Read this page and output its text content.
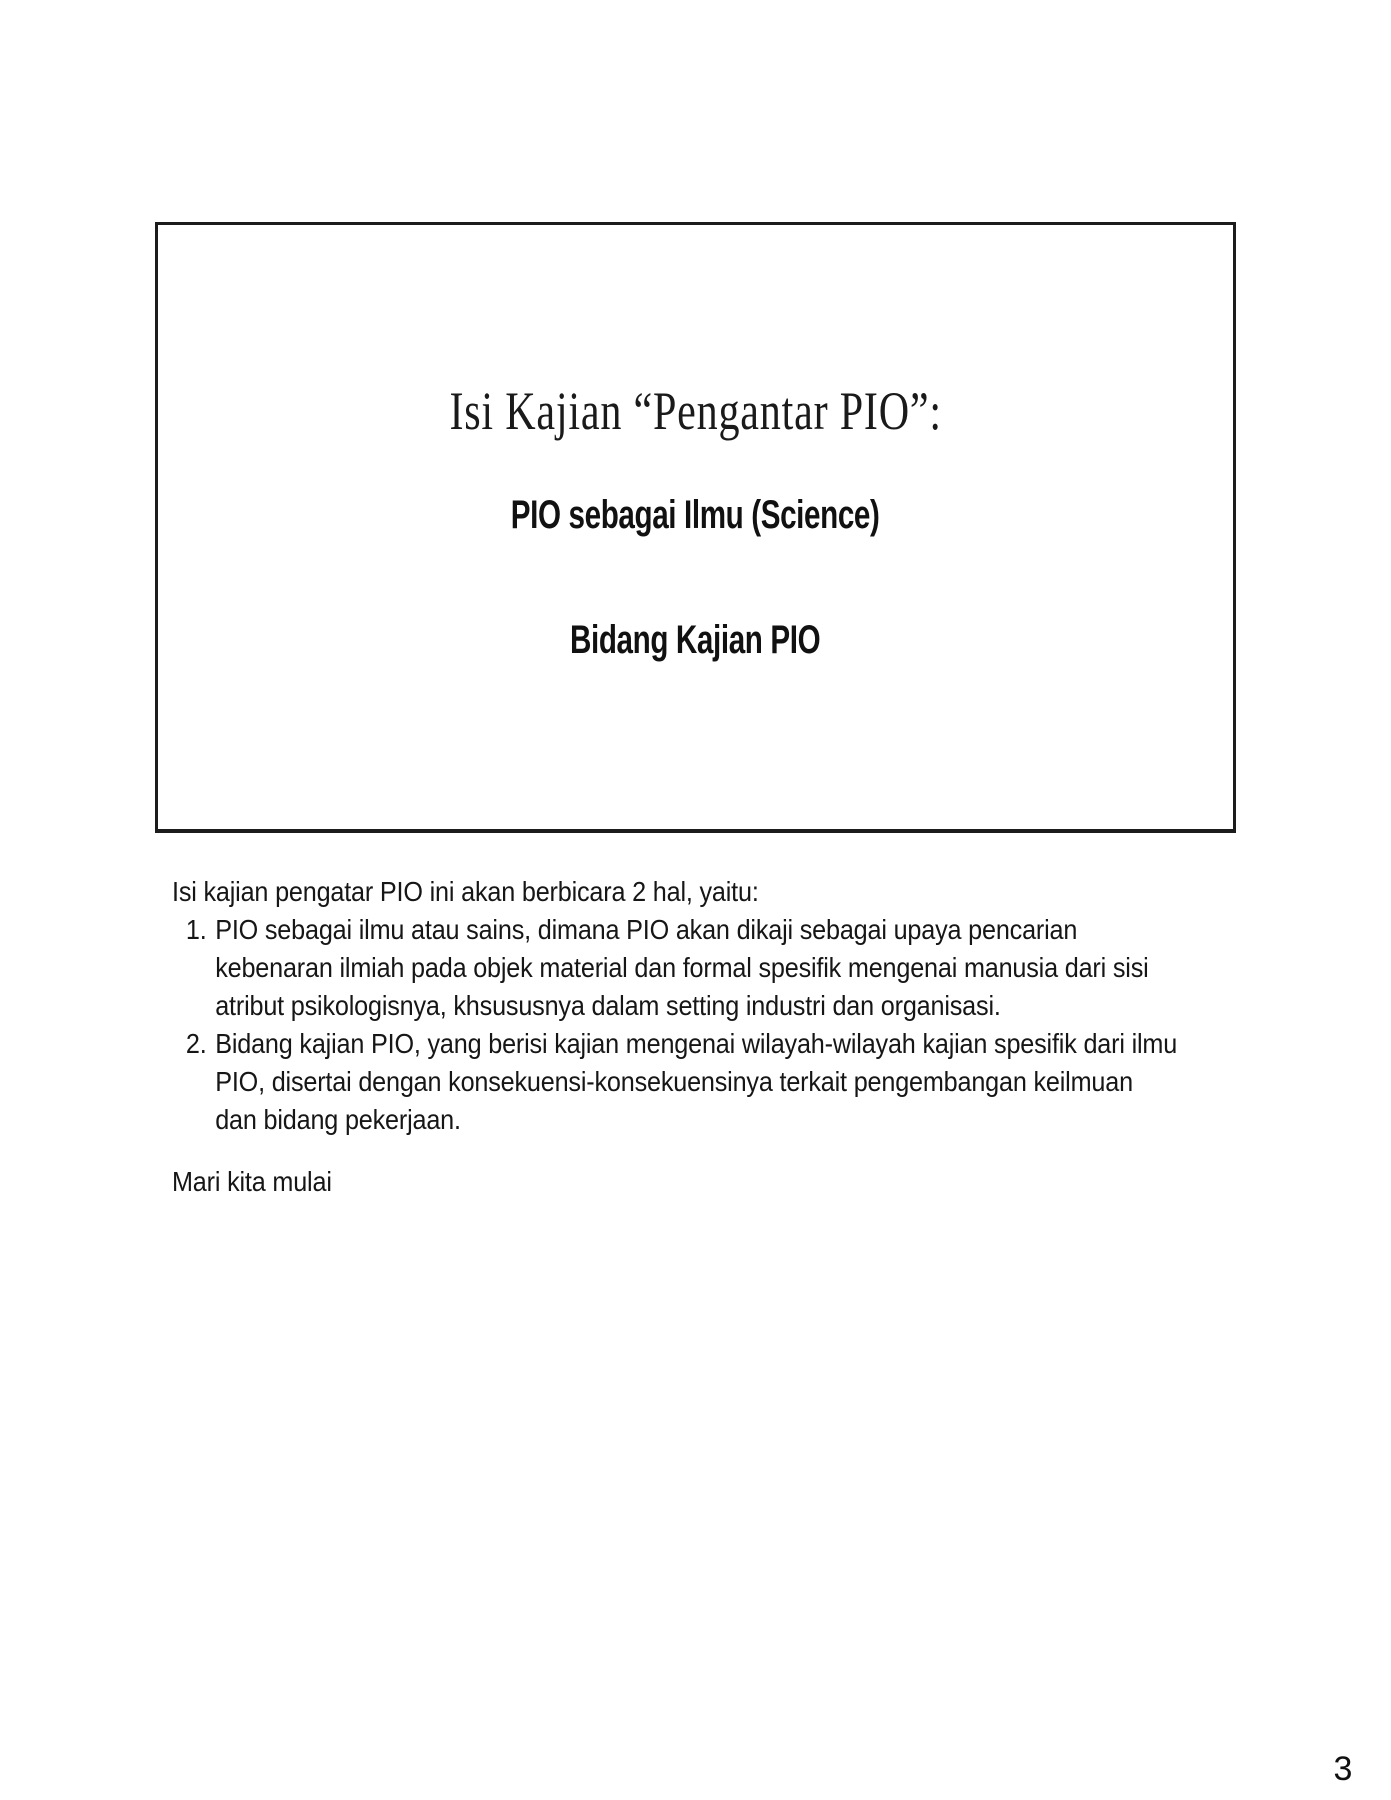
Isi Kajian “Pengantar PIO”:
PIO sebagai Ilmu (Science)
Bidang Kajian PIO

Isi kajian pengatar PIO ini akan berbicara 2 hal, yaitu:

1. PIO sebagai ilmu atau sains, dimana PIO akan dikaji sebagai upaya pencarian kebenaran ilmiah pada objek material dan formal spesifik mengenai manusia dari sisi atribut psikologisnya, khsususnya dalam setting industri dan organisasi.
2. Bidang kajian PIO, yang berisi kajian mengenai wilayah-wilayah kajian spesifik dari ilmu PIO, disertai dengan konsekuensi-konsekuensinya terkait pengembangan keilmuan dan bidang pekerjaan.

Mari kita mulai

3
